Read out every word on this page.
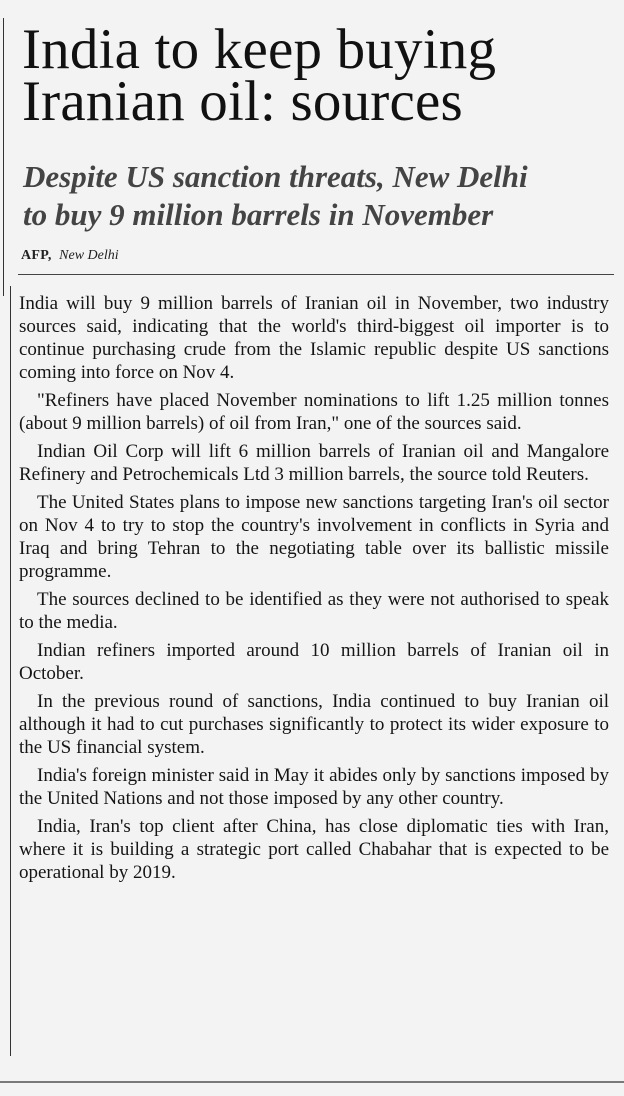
India to keep buying
Iranian oil: sources
Despite US sanction threats, New Delhi
to buy 9 million barrels in November
AFP, New Delhi

India will buy 9 million barrels of Iranian oil in November, two industry sources said, indicating that the world's third-biggest oil importer is to continue purchasing crude from the Islamic republic despite US sanctions coming into force on Nov 4.

"Refiners have placed November nominations to lift 1.25 million tonnes (about 9 million barrels) of oil from Iran," one of the sources said.

Indian Oil Corp will lift 6 million barrels of Iranian oil and Mangalore Refinery and Petrochemicals Ltd 3 million barrels, the source told Reuters.

The United States plans to impose new sanctions targeting Iran's oil sector on Nov 4 to try to stop the country's involvement in conflicts in Syria and Iraq and bring Tehran to the negotiating table over its ballistic missile programme.

The sources declined to be identified as they were not authorised to speak to the media.

Indian refiners imported around 10 million barrels of Iranian oil in October.

In the previous round of sanctions, India continued to buy Iranian oil although it had to cut purchases significantly to protect its wider exposure to the US financial system.

India's foreign minister said in May it abides only by sanctions imposed by the United Nations and not those imposed by any other country.

India, Iran's top client after China, has close diplomatic ties with Iran, where it is building a strategic port called Chabahar that is expected to be operational by 2019.
